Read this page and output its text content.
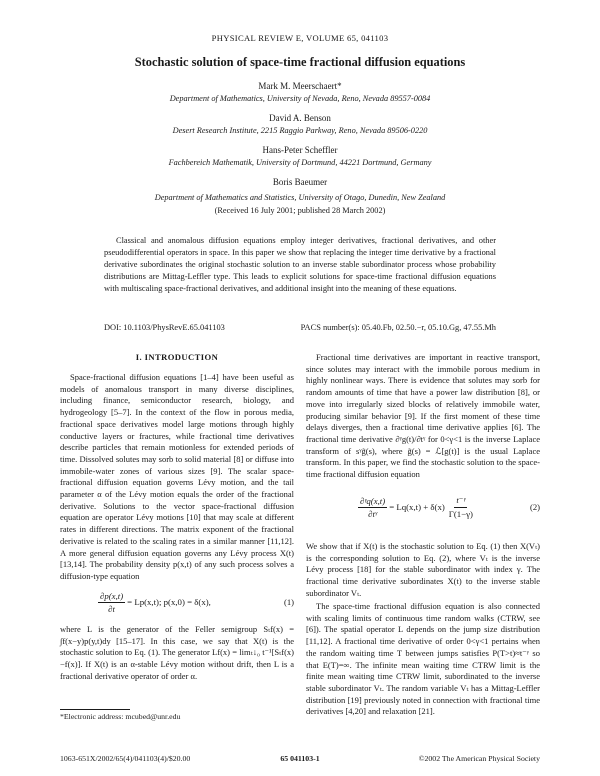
PHYSICAL REVIEW E, VOLUME 65, 041103
Stochastic solution of space-time fractional diffusion equations
Mark M. Meerschaert*
Department of Mathematics, University of Nevada, Reno, Nevada 89557-0084
David A. Benson
Desert Research Institute, 2215 Raggio Parkway, Reno, Nevada 89506-0220
Hans-Peter Scheffler
Fachbereich Mathematik, University of Dortmund, 44221 Dortmund, Germany
Boris Baeumer
Department of Mathematics and Statistics, University of Otago, Dunedin, New Zealand
(Received 16 July 2001; published 28 March 2002)
Classical and anomalous diffusion equations employ integer derivatives, fractional derivatives, and other pseudodifferential operators in space. In this paper we show that replacing the integer time derivative by a fractional derivative subordinates the original stochastic solution to an inverse stable subordinator process whose probability distributions are Mittag-Leffler type. This leads to explicit solutions for space-time fractional diffusion equations with multiscaling space-fractional derivatives, and additional insight into the meaning of these equations.
DOI: 10.1103/PhysRevE.65.041103	PACS number(s): 05.40.Fb, 02.50.−r, 05.10.Gg, 47.55.Mh
I. INTRODUCTION
Space-fractional diffusion equations [1–4] have been useful as models of anomalous transport in many diverse disciplines, including finance, semiconductor research, biology, and hydrogeology [5–7]. In the context of the flow in porous media, fractional space derivatives model large motions through highly conductive layers or fractures, while fractional time derivatives describe particles that remain motionless for extended periods of time. Dissolved solutes may sorb to solid material [8] or diffuse into immobile-water zones of various sizes [9]. The scalar space-fractional diffusion equation governs Lévy motion, and the tail parameter α of the Lévy motion equals the order of the fractional derivative. Solutions to the vector space-fractional diffusion equation are operator Lévy motions [10] that may scale at different rates in different directions. The matrix exponent of the fractional derivative is related to the scaling rates in a similar manner [11,12]. A more general diffusion equation governs any Lévy process X(t) [13,14]. The probability density p(x,t) of any such process solves a diffusion-type equation
$\frac{\partial p(x,t)}{\partial t} = Lp(x,t)$; p(x,0) = δ(x),	(1)
where L is the generator of the Feller semigroup Sₜf(x) = ∫f(x−y)p(y,t)dy [15–17]. In this case, we say that X(t) is the stochastic solution to Eq. (1). The generator Lf(x) = limₜ↓₀ t⁻¹[Sₜf(x)−f(x)]. If X(t) is an α-stable Lévy motion without drift, then L is a fractional derivative operator of order α.
*Electronic address: mcubed@unr.edu
Fractional time derivatives are important in reactive transport, since solutes may interact with the immobile porous medium in highly nonlinear ways. There is evidence that solutes may sorb for random amounts of time that have a power law distribution [8], or move into irregularly sized blocks of relatively immobile water, producing similar behavior [9]. If the first moment of these time delays diverges, then a fractional time derivative applies [6]. The fractional time derivative ∂ᵞg(t)/∂tᵞ for 0<γ<1 is the inverse Laplace transform of sᵞg̃(s), where g̃(s) = ℒ[g(t)] is the usual Laplace transform. In this paper, we find the stochastic solution to the space-time fractional diffusion equation
$\frac{\text{∂ᵞq(x,t)}}{\text{∂tᵞ}} = Lq(x,t) + \delta(x) \frac{\text{t⁻ᵞ}}{\Gamma(1-\gamma)}$	(2)
We show that if X(t) is the stochastic solution to Eq. (1) then X(Vₜ) is the corresponding solution to Eq. (2), where Vₜ is the inverse Lévy process [18] for the stable subordinator with index γ. The fractional time derivative subordinates X(t) to the inverse stable subordinator Vₜ.
The space-time fractional diffusion equation is also connected with scaling limits of continuous time random walks (CTRW, see [6]). The spatial operator L depends on the jump size distribution [11,12]. A fractional time derivative of order 0<γ<1 pertains when the random waiting time T between jumps satisfies P(T>t)≈t⁻ᵞ so that E(T)=∞. The infinite mean waiting time CTRW limit is the finite mean waiting time CTRW limit, subordinated to the inverse stable subordinator Vₜ. The random variable Vₜ has a Mittag-Leffler distribution [19] previously noted in connection with fractional time derivatives [4,20] and relaxation [21].
1063-651X/2002/65(4)/041103(4)/$20.00	65 041103-1	©2002 The American Physical Society
